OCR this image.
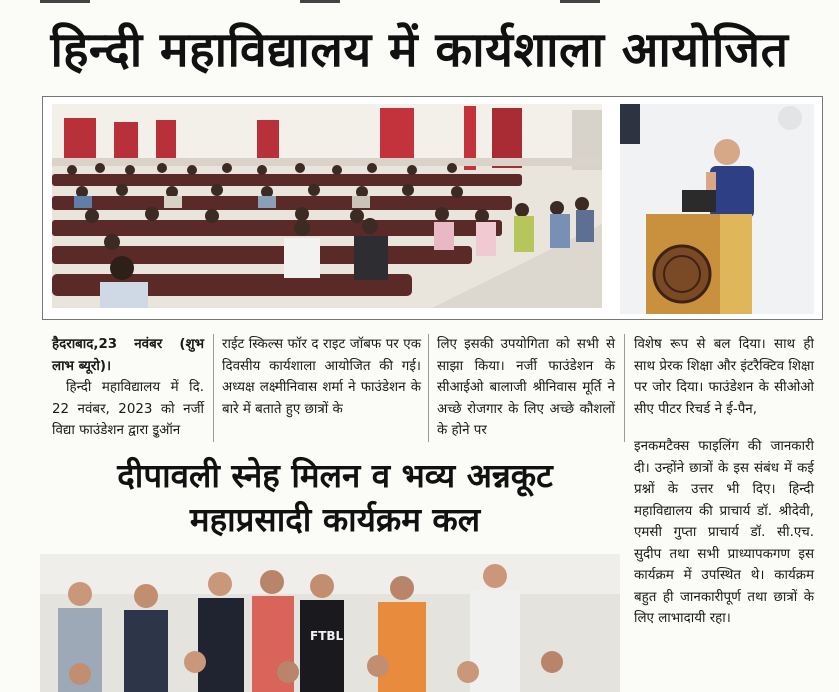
हिन्दी महाविद्यालय में कार्यशाला आयोजित
हैदराबाद,23 नवंबर (शुभ लाभ ब्यूरो)।
हिन्दी महाविद्यालय में दि. 22 नवंबर, 2023 को नर्जी विद्या फाउंडेशन द्वारा इुऑन
राईट स्किल्स फॉर द राइट जॉबफ पर एक दिवसीय कार्यशाला आयोजित की गई। अध्यक्ष लक्ष्मीनिवास शर्मा ने फाउंडेशन के बारे में बताते हुए छात्रों के
लिए इसकी उपयोगिता को सभी से साझा किया। नर्जी फाउंडेशन के सीआईओ बालाजी श्रीनिवास मूर्ति ने अच्छे रोजगार के लिए अच्छे कौशलों के होने पर
विशेष रूप से बल दिया। साथ ही साथ प्रेरक शिक्षा और इंटरैक्टिव शिक्षा पर जोर दिया। फाउंडेशन के सीओओ सीए पीटर रिचर्ड ने ई-पैन,
इनकमटैक्स फाइलिंग की जानकारी दी। उन्होंने छात्रों के इस संबंध में कई प्रश्नों के उत्तर भी दिए। हिन्दी महाविद्यालय की प्राचार्य डॉ. श्रीदेवी, एमसी गुप्ता प्राचार्य डॉ. सी.एच. सुदीप तथा सभी प्राध्यापकगण इस कार्यक्रम में उपस्थित थे। कार्यक्रम बहुत ही जानकारीपूर्ण तथा छात्रों के लिए लाभादायी रहा।
दीपावली स्नेह मिलन व भव्य अन्नकूट
महाप्रसादी कार्यक्रम कल
FTBL
